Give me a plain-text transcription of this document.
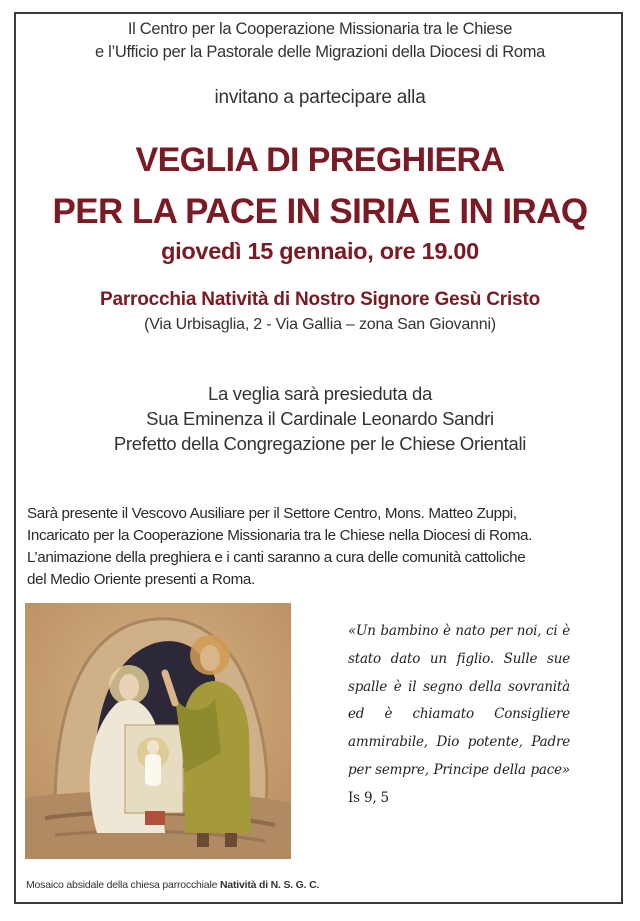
Il Centro per la Cooperazione Missionaria tra le Chiese
e l’Ufficio per la Pastorale delle Migrazioni della Diocesi di Roma
invitano a partecipare alla
VEGLIA DI PREGHIERA
PER LA PACE IN SIRIA E IN IRAQ
giovedì 15 gennaio, ore 19.00
Parrocchia Natività di Nostro Signore Gesù Cristo
(Via Urbisaglia, 2 - Via Gallia – zona San Giovanni)
La veglia sarà presieduta da
Sua Eminenza il Cardinale Leonardo Sandri
Prefetto della Congregazione per le Chiese Orientali
Sarà presente il Vescovo Ausiliare per il Settore Centro, Mons. Matteo Zuppi,
Incaricato per la Cooperazione Missionaria tra le Chiese nella Diocesi di Roma.
L’animazione della preghiera e i canti saranno a cura delle comunità cattoliche
del Medio Oriente presenti a Roma.
«Un bambino è nato per noi, ci è stato dato un figlio. Sulle sue spalle è il segno della sovranità ed è chiamato Consigliere ammirabile, Dio potente, Padre per sempre, Principe della pace» Is 9, 5
Mosaico absidale della chiesa parrocchiale Natività di N. S. G. C.
